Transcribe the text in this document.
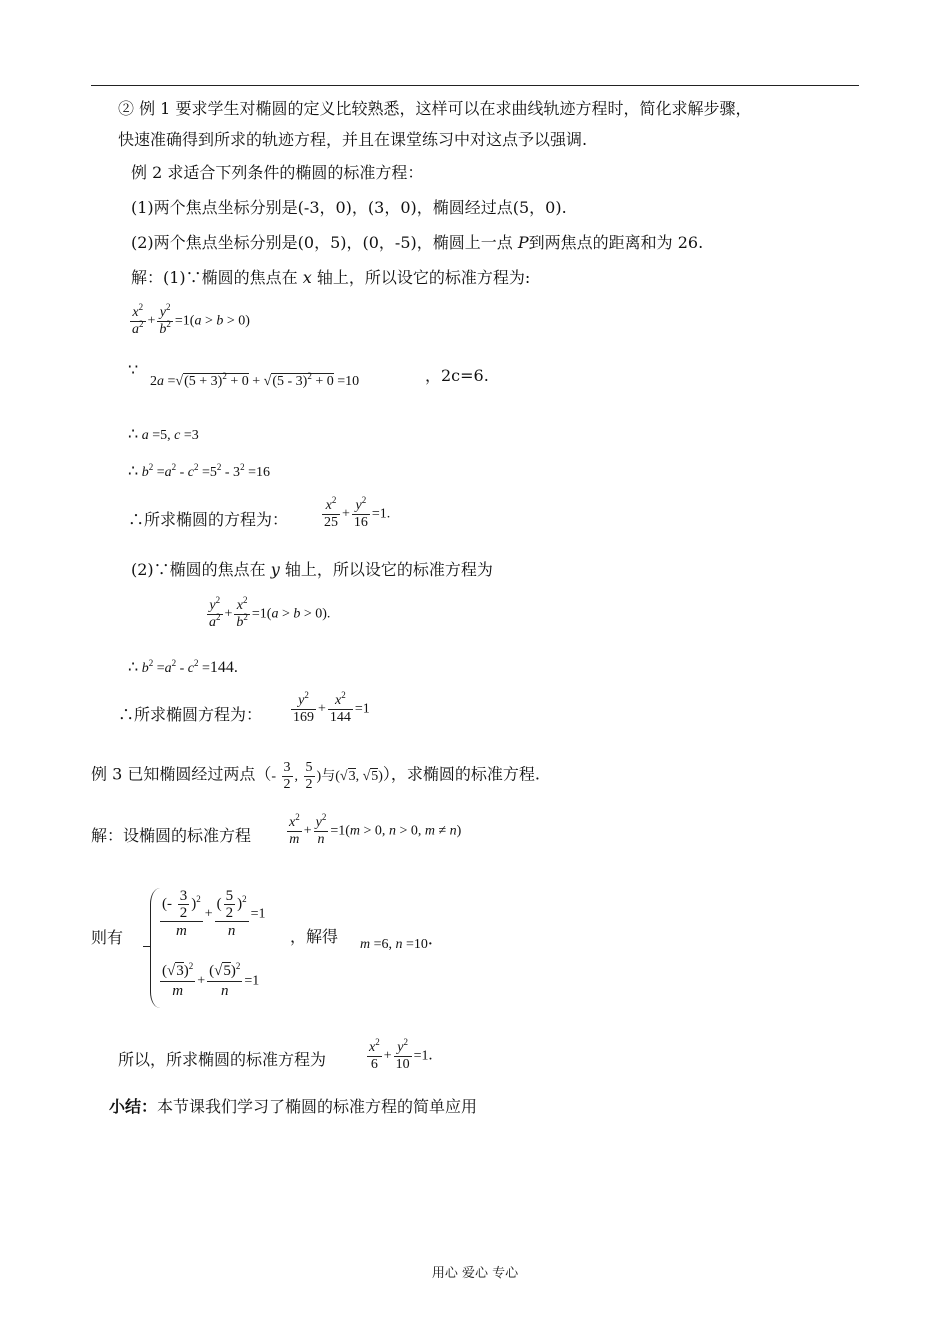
② 例 1 要求学生对椭圆的定义比较熟悉，这样可以在求曲线轨迹方程时，简化求解步骤，
快速准确得到所求的轨迹方程，并且在课堂练习中对这点予以强调.
例 2 求适合下列条件的椭圆的标准方程：
(1)两个焦点坐标分别是(-3，0)，(3，0)，椭圆经过点(5，0).
(2)两个焦点坐标分别是(0，5)，(0，-5)，椭圆上一点 P到两焦点的距离和为 26.
解：(1)∵椭圆的焦点在 x 轴上，所以设它的标准方程为:
$\frac{x^2}{a^2} + \frac{y^2}{b^2} =1(a > b > 0)$
∵
$2a =√(5 + 3)^2 + 0 + √(5 - 3)^2 + 0 =10$	，2c=6.
∴ a =5, c =3
∴ $b^2 =a^2 - c^2 =5^2 - 3^2 =16$
∴所求椭圆的方程为： $\frac{x^2}{25} + \frac{y^2}{16} =1$.
(2)∵椭圆的焦点在 y 轴上，所以设它的标准方程为
$\frac{y^2}{a^2} + \frac{x^2}{b^2} =1(a > b > 0)$.
∴ $b^2 =a^2 - c^2 =144$.
∴所求椭圆方程为： $\frac{y^2}{169} + \frac{x^2}{144} =1$
例 3 已知椭圆经过两点（- $\frac{3}{2}$ , $\frac{5}{2}$ )与(√3, √5)），求椭圆的标准方程.
解：设椭圆的标准方程	$\frac{x^2}{m} + \frac{y^2}{n} =1(m > 0$, n > 0, m ≠ n)
则有 $\frac{(- \frac{3}{2} )^2}{m} + \frac{( \frac{5}{2} )^2}{n} =1$
，解得 m =6, n =10·
$\frac{(√3)^2}{m} + \frac{(√5)^2}{n} =1$
所以，所求椭圆的标准方程为	$\frac{x^2}{6} + \frac{y^2}{10} =1$.
小结：本节课我们学习了椭圆的标准方程的简单应用
用心 爱心 专心
